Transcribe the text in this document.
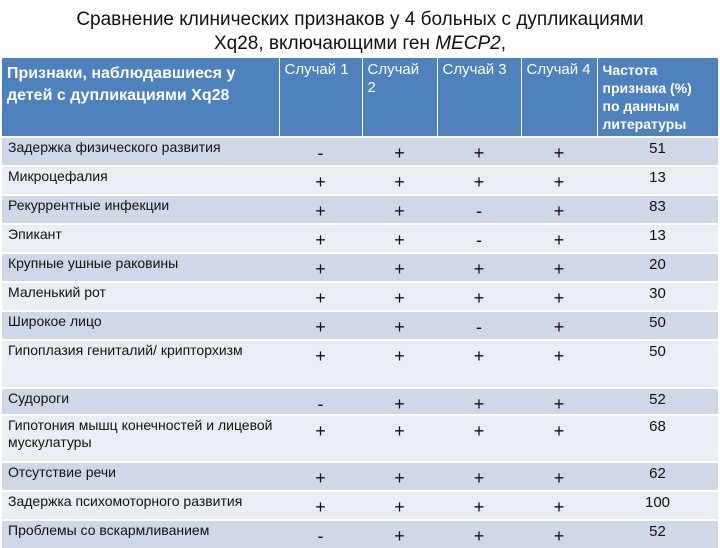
Сравнение клинических признаков у 4 больных с дупликациями
Xq28, включающими ген MECP2,
Признаки, наблюдавшиеся у детей с дупликациями Xq28	Случай 1	Случай 2	Случай 3	Случай 4	Частота признака (%) по данным литературы
Задержка физического развития	-	+	+	+	51
Микроцефалия	+	+	+	+	13
Рекуррентные инфекции	+	+	-	+	83
Эпикант	+	+	-	+	13
Крупные ушные раковины	+	+	+	+	20
Маленький рот	+	+	+	+	30
Широкое лицо	+	+	-	+	50
Гипоплазия гениталий/ крипторхизм	+	+	+	+	50
Судороги	-	+	+	+	52
Гипотония мышц конечностей и лицевой мускулатуры	+	+	+	+	68
Отсутствие речи	+	+	+	+	62
Задержка психомоторного развития	+	+	+	+	100
Проблемы со вскармливанием	-	+	+	+	52
